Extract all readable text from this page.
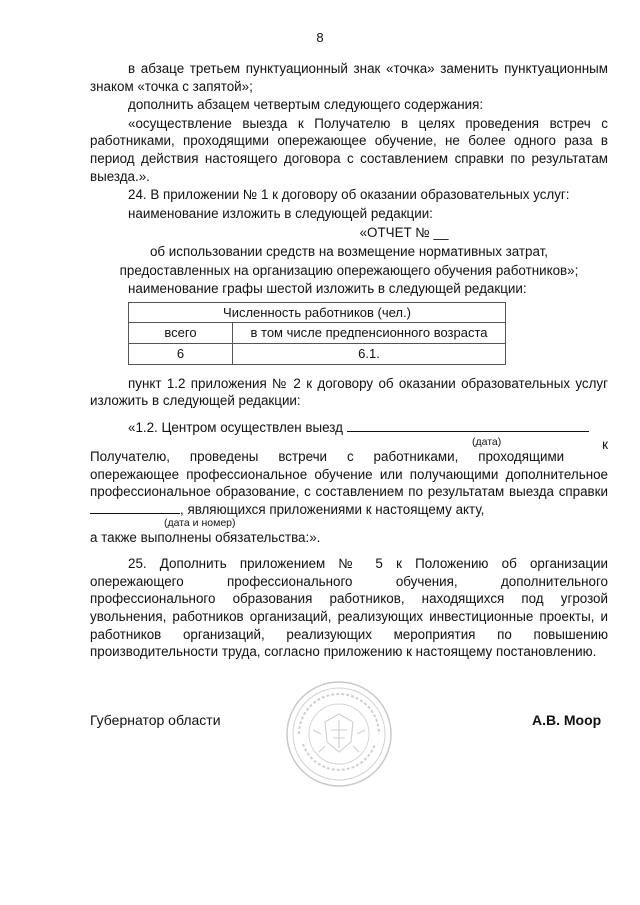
8

в абзаце третьем пунктуационный знак «точка» заменить пунктуационным знаком «точка с запятой»;

дополнить абзацем четвертым следующего содержания:

«осуществление выезда к Получателю в целях проведения встреч с работниками, проходящими опережающее обучение, не более одного раза в период действия настоящего договора с составлением справки по результатам выезда.».

24. В приложении № 1 к договору об оказании образовательных услуг:

наименование изложить в следующей редакции:

«ОТЧЕТ № __

об использовании средств на возмещение нормативных затрат,

предоставленных на организацию опережающего обучения работников»;

наименование графы шестой изложить в следующей редакции:

Численность работников (чел.)	
всего	в том числе предпенсионного возраста
6	6.1.

пункт 1.2 приложения № 2 к договору об оказании образовательных услуг изложить в следующей редакции:

«1.2. Центром осуществлен выезд
к

(дата)

Получателю, проведены встречи с работниками, проходящими опережающее профессиональное обучение или получающими дополнительное профессиональное образование, с составлением по результатам выезда справки , являющихся приложениями к настоящему акту,

(дата и номер)

а также выполнены обязательства:».

25. Дополнить приложением № 5 к Положению об организации опережающего профессионального обучения, дополнительного профессионального образования работников, находящихся под угрозой увольнения, работников организаций, реализующих инвестиционные проекты, и работников организаций, реализующих мероприятия по повышению производительности труда, согласно приложению к настоящему постановлению.

Губернатор области	А.В. Моор
